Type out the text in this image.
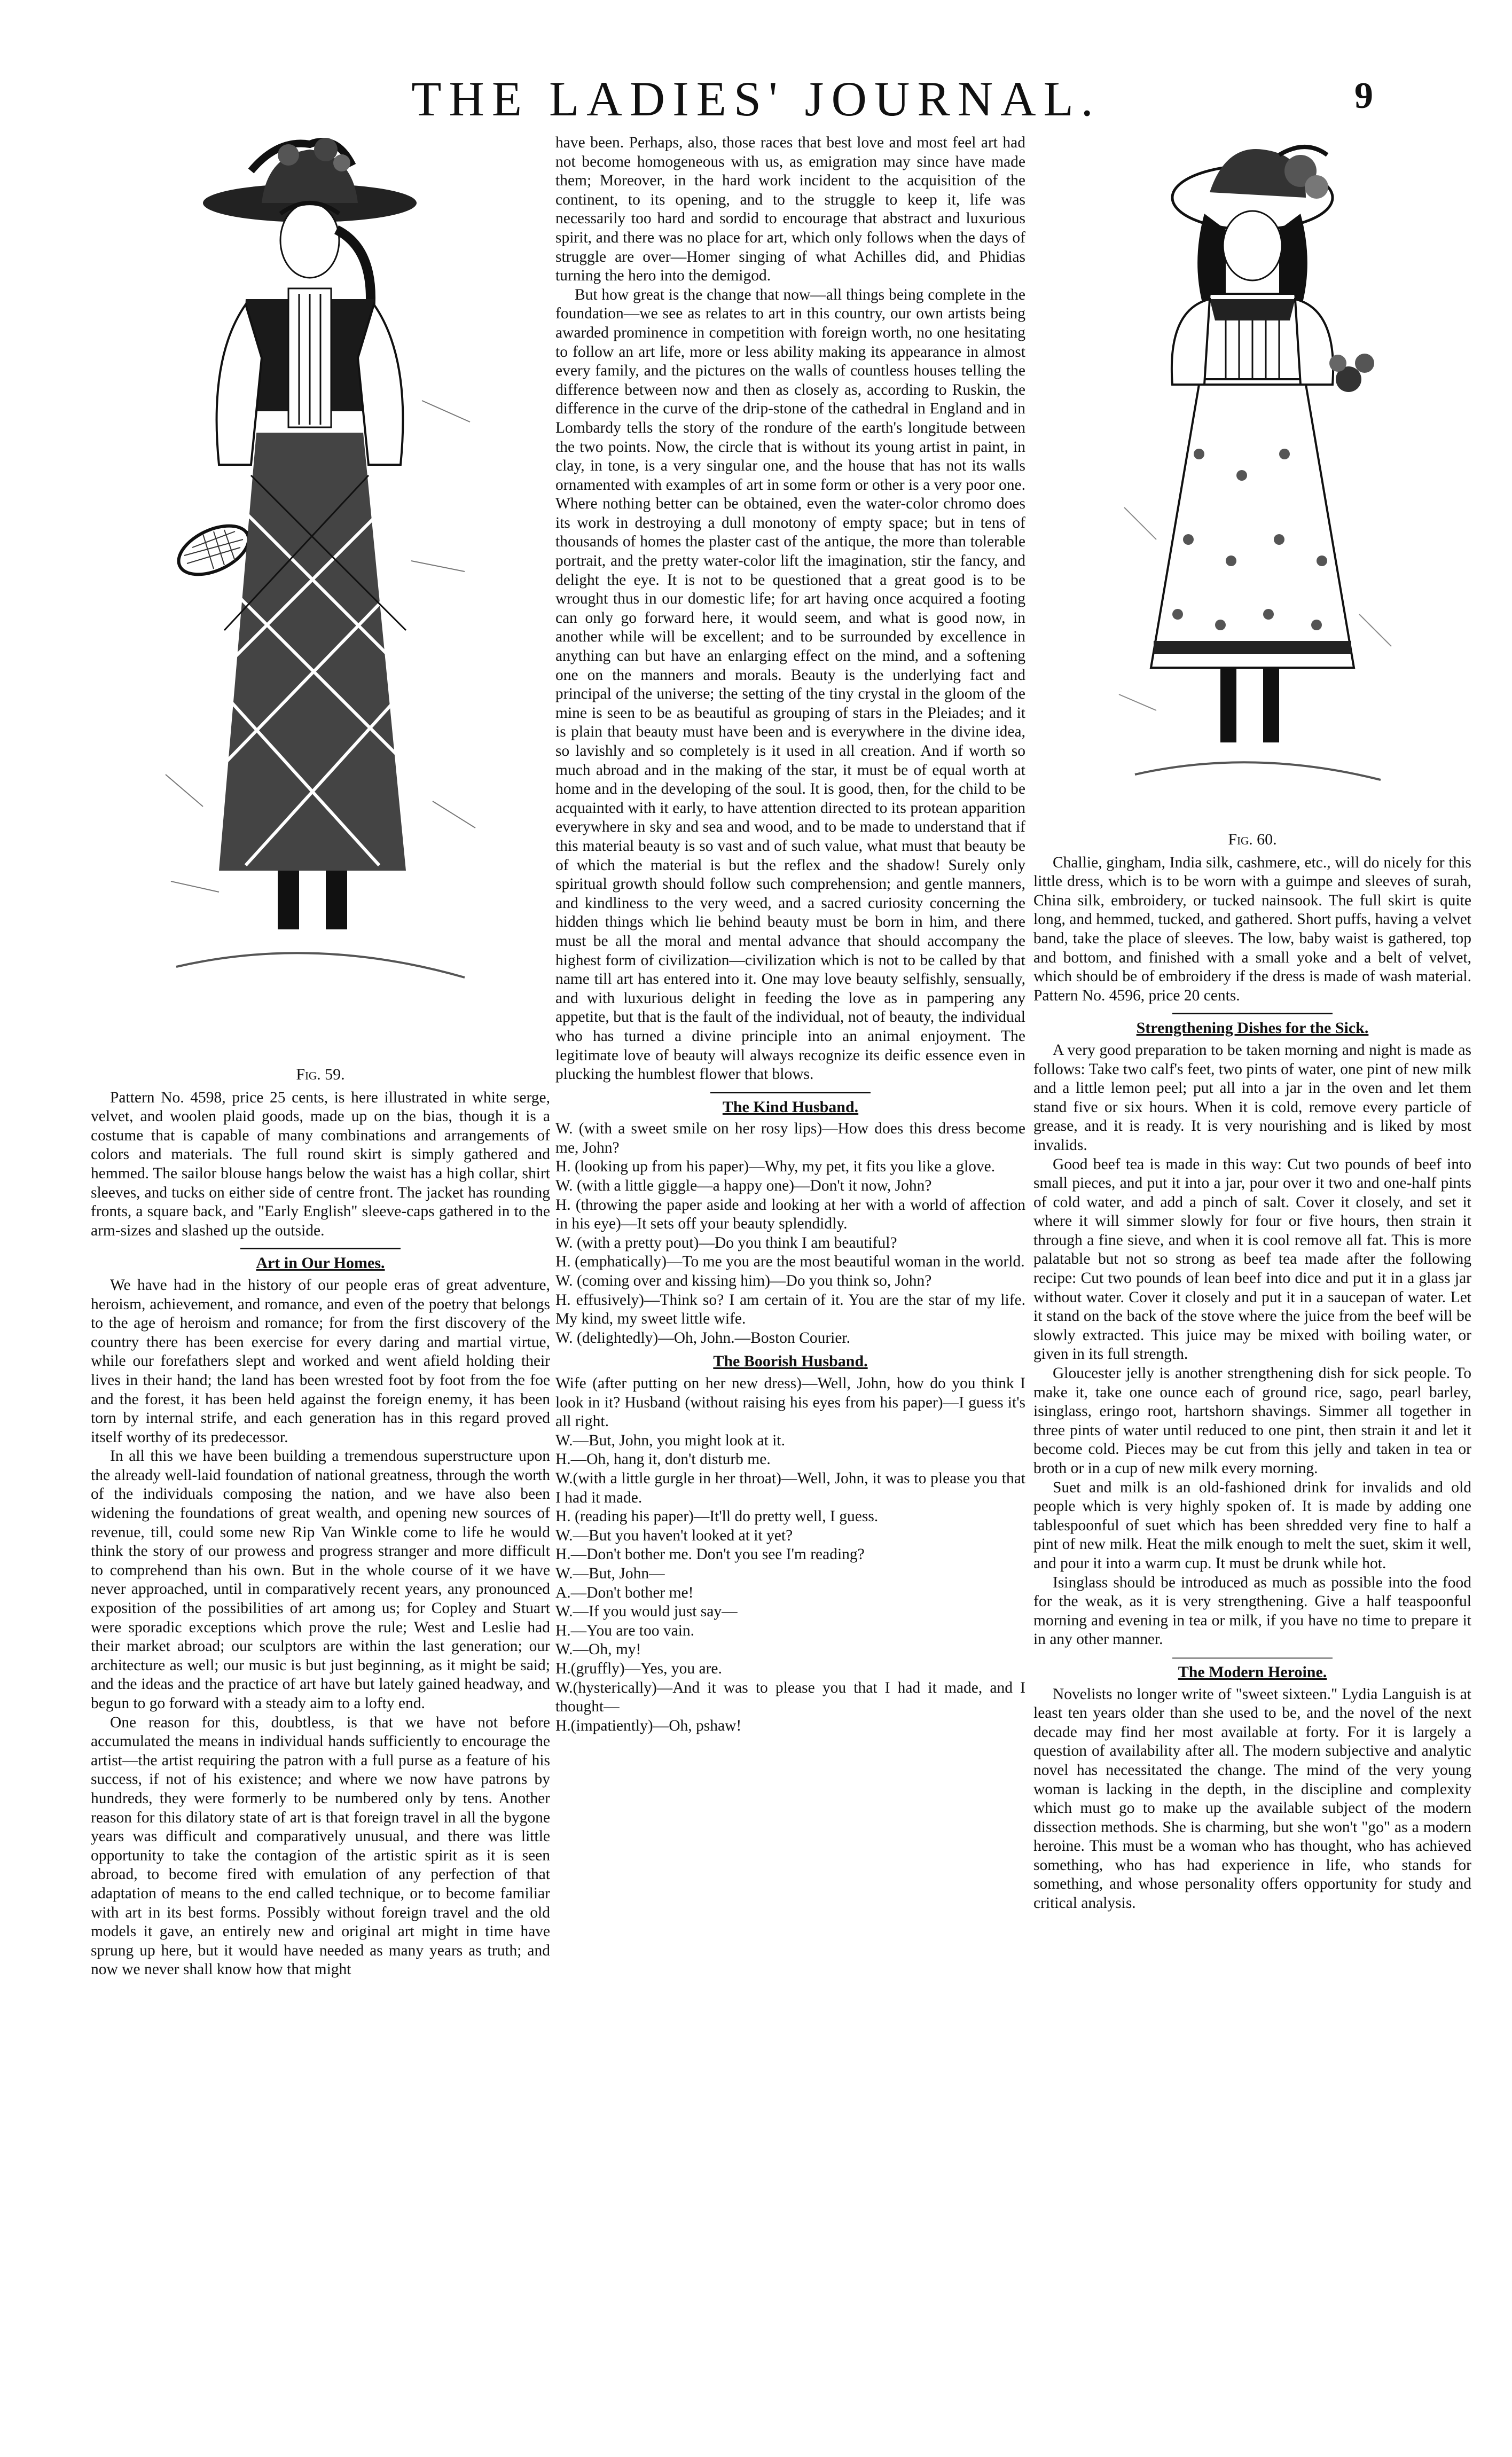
THE LADIES' JOURNAL.	9
Fig. 59.

Pattern No. 4598, price 25 cents, is here illustrated in white serge, velvet, and woolen plaid goods, made up on the bias, though it is a costume that is capable of many combinations and arrangements of colors and materials. The full round skirt is simply gathered and hemmed. The sailor blouse hangs below the waist has a high collar, shirt sleeves, and tucks on either side of centre front. The jacket has rounding fronts, a square back, and "Early English" sleeve-caps gathered in to the arm-sizes and slashed up the outside.

Art in Our Homes.

We have had in the history of our people eras of great adventure, heroism, achievement, and romance, and even of the poetry that belongs to the age of heroism and romance; for from the first discovery of the country there has been exercise for every daring and martial virtue, while our forefathers slept and worked and went afield holding their lives in their hand; the land has been wrested foot by foot from the foe and the forest, it has been held against the foreign enemy, it has been torn by internal strife, and each generation has in this regard proved itself worthy of its predecessor.

In all this we have been building a tremendous superstructure upon the already well-laid foundation of national greatness, through the worth of the individuals composing the nation, and we have also been widening the foundations of great wealth, and opening new sources of revenue, till, could some new Rip Van Winkle come to life he would think the story of our prowess and progress stranger and more difficult to comprehend than his own. But in the whole course of it we have never approached, until in comparatively recent years, any pronounced exposition of the possibilities of art among us; for Copley and Stuart were sporadic exceptions which prove the rule; West and Leslie had their market abroad; our sculptors are within the last generation; our architecture as well; our music is but just beginning, as it might be said; and the ideas and the practice of art have but lately gained headway, and begun to go forward with a steady aim to a lofty end.

One reason for this, doubtless, is that we have not before accumulated the means in individual hands sufficiently to encourage the artist—the artist requiring the patron with a full purse as a feature of his success, if not of his existence; and where we now have patrons by hundreds, they were formerly to be numbered only by tens. Another reason for this dilatory state of art is that foreign travel in all the bygone years was difficult and comparatively unusual, and there was little opportunity to take the contagion of the artistic spirit as it is seen abroad, to become fired with emulation of any perfection of that adaptation of means to the end called technique, or to become familiar with art in its best forms. Possibly without foreign travel and the old models it gave, an entirely new and original art might in time have sprung up here, but it would have needed as many years as truth; and now we never shall know how that might

have been. Perhaps, also, those races that best love and most feel art had not become homogeneous with us, as emigration may since have made them; Moreover, in the hard work incident to the acquisition of the continent, to its opening, and to the struggle to keep it, life was necessarily too hard and sordid to encourage that abstract and luxurious spirit, and there was no place for art, which only follows when the days of struggle are over—Homer singing of what Achilles did, and Phidias turning the hero into the demigod.

But how great is the change that now—all things being complete in the foundation—we see as relates to art in this country, our own artists being awarded prominence in competition with foreign worth, no one hesitating to follow an art life, more or less ability making its appearance in almost every family, and the pictures on the walls of countless houses telling the difference between now and then as closely as, according to Ruskin, the difference in the curve of the drip-stone of the cathedral in England and in Lombardy tells the story of the rondure of the earth's longitude between the two points. Now, the circle that is without its young artist in paint, in clay, in tone, is a very singular one, and the house that has not its walls ornamented with examples of art in some form or other is a very poor one. Where nothing better can be obtained, even the water-color chromo does its work in destroying a dull monotony of empty space; but in tens of thousands of homes the plaster cast of the antique, the more than tolerable portrait, and the pretty water-color lift the imagination, stir the fancy, and delight the eye. It is not to be questioned that a great good is to be wrought thus in our domestic life; for art having once acquired a footing can only go forward here, it would seem, and what is good now, in another while will be excellent; and to be surrounded by excellence in anything can but have an enlarging effect on the mind, and a softening one on the manners and morals. Beauty is the underlying fact and principal of the universe; the setting of the tiny crystal in the gloom of the mine is seen to be as beautiful as grouping of stars in the Pleiades; and it is plain that beauty must have been and is everywhere in the divine idea, so lavishly and so completely is it used in all creation. And if worth so much abroad and in the making of the star, it must be of equal worth at home and in the developing of the soul. It is good, then, for the child to be acquainted with it early, to have attention directed to its protean apparition everywhere in sky and sea and wood, and to be made to understand that if this material beauty is so vast and of such value, what must that beauty be of which the material is but the reflex and the shadow! Surely only spiritual growth should follow such comprehension; and gentle manners, and kindliness to the very weed, and a sacred curiosity concerning the hidden things which lie behind beauty must be born in him, and there must be all the moral and mental advance that should accompany the highest form of civilization—civilization which is not to be called by that name till art has entered into it. One may love beauty selfishly, sensually, and with luxurious delight in feeding the love as in pampering any appetite, but that is the fault of the individual, not of beauty, the individual who has turned a divine principle into an animal enjoyment. The legitimate love of beauty will always recognize its deific essence even in plucking the humblest flower that blows.

The Kind Husband.

W. (with a sweet smile on her rosy lips)—How does this dress become me, John?

H. (looking up from his paper)—Why, my pet, it fits you like a glove.

W. (with a little giggle—a happy one)—Don't it now, John?

H. (throwing the paper aside and looking at her with a world of affection in his eye)—It sets off your beauty splendidly.

W. (with a pretty pout)—Do you think I am beautiful?

H. (emphatically)—To me you are the most beautiful woman in the world.

W. (coming over and kissing him)—Do you think so, John?

H. effusively)—Think so? I am certain of it. You are the star of my life. My kind, my sweet little wife.

W. (delightedly)—Oh, John.—Boston Courier.

The Boorish Husband.

Wife (after putting on her new dress)—Well, John, how do you think I look in it? Husband (without raising his eyes from his paper)—I guess it's all right.

W.—But, John, you might look at it.

H.—Oh, hang it, don't disturb me.

W.(with a little gurgle in her throat)—Well, John, it was to please you that I had it made.

H. (reading his paper)—It'll do pretty well, I guess.

W.—But you haven't looked at it yet?

H.—Don't bother me. Don't you see I'm reading?

W.—But, John—

A.—Don't bother me!

W.—If you would just say—

H.—You are too vain.

W.—Oh, my!

H.(gruffly)—Yes, you are.

W.(hysterically)—And it was to please you that I had it made, and I thought—

H.(impatiently)—Oh, pshaw!

Fig. 60.

Challie, gingham, India silk, cashmere, etc., will do nicely for this little dress, which is to be worn with a guimpe and sleeves of surah, China silk, embroidery, or tucked nainsook. The full skirt is quite long, and hemmed, tucked, and gathered. Short puffs, having a velvet band, take the place of sleeves. The low, baby waist is gathered, top and bottom, and finished with a small yoke and a belt of velvet, which should be of embroidery if the dress is made of wash material. Pattern No. 4596, price 20 cents.

Strengthening Dishes for the Sick.

A very good preparation to be taken morning and night is made as follows: Take two calf's feet, two pints of water, one pint of new milk and a little lemon peel; put all into a jar in the oven and let them stand five or six hours. When it is cold, remove every particle of grease, and it is ready. It is very nourishing and is liked by most invalids.

Good beef tea is made in this way: Cut two pounds of beef into small pieces, and put it into a jar, pour over it two and one-half pints of cold water, and add a pinch of salt. Cover it closely, and set it where it will simmer slowly for four or five hours, then strain it through a fine sieve, and when it is cool remove all fat. This is more palatable but not so strong as beef tea made after the following recipe: Cut two pounds of lean beef into dice and put it in a glass jar without water. Cover it closely and put it in a saucepan of water. Let it stand on the back of the stove where the juice from the beef will be slowly extracted. This juice may be mixed with boiling water, or given in its full strength.

Gloucester jelly is another strengthening dish for sick people. To make it, take one ounce each of ground rice, sago, pearl barley, isinglass, eringo root, hartshorn shavings. Simmer all together in three pints of water until reduced to one pint, then strain it and let it become cold. Pieces may be cut from this jelly and taken in tea or broth or in a cup of new milk every morning.

Suet and milk is an old-fashioned drink for invalids and old people which is very highly spoken of. It is made by adding one tablespoonful of suet which has been shredded very fine to half a pint of new milk. Heat the milk enough to melt the suet, skim it well, and pour it into a warm cup. It must be drunk while hot.

Isinglass should be introduced as much as possible into the food for the weak, as it is very strengthening. Give a half teaspoonful morning and evening in tea or milk, if you have no time to prepare it in any other manner.

The Modern Heroine.

Novelists no longer write of "sweet sixteen." Lydia Languish is at least ten years older than she used to be, and the novel of the next decade may find her most available at forty. For it is largely a question of availability after all. The modern subjective and analytic novel has necessitated the change. The mind of the very young woman is lacking in the depth, in the discipline and complexity which must go to make up the available subject of the modern dissection methods. She is charming, but she won't "go" as a modern heroine. This must be a woman who has thought, who has achieved something, who has had experience in life, who stands for something, and whose personality offers opportunity for study and critical analysis.
